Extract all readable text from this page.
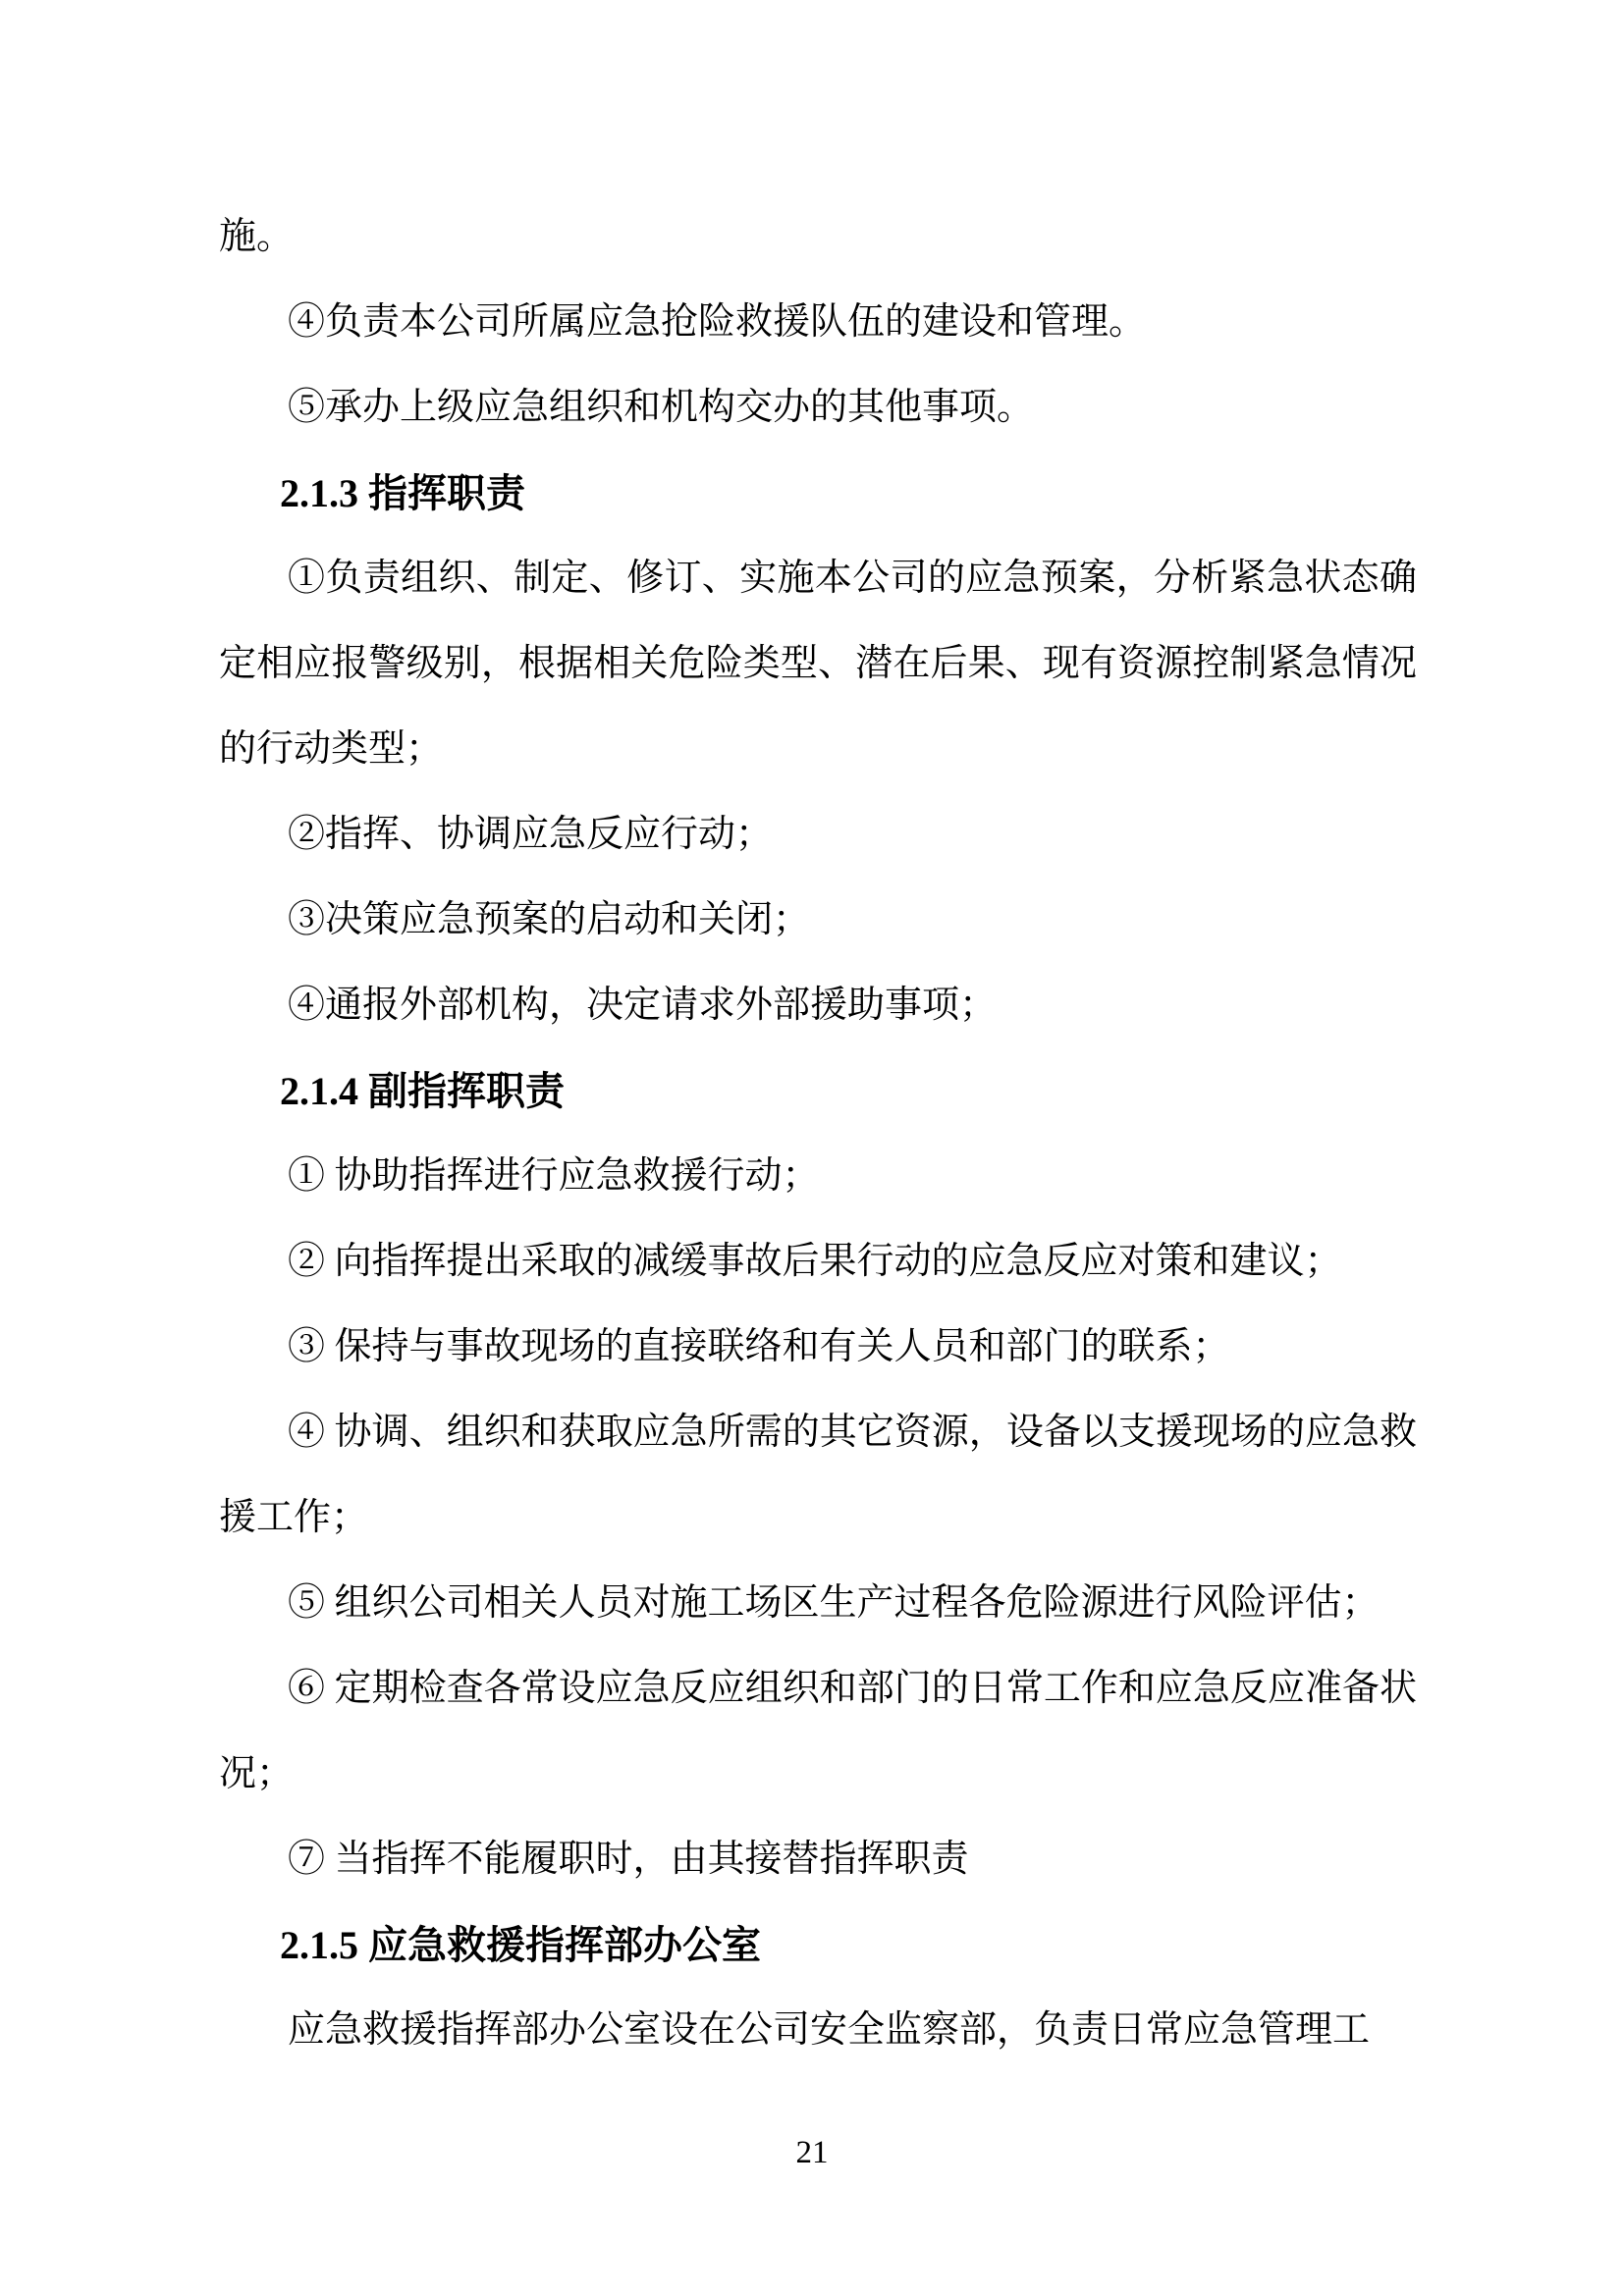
施。

④负责本公司所属应急抢险救援队伍的建设和管理。

⑤承办上级应急组织和机构交办的其他事项。

2.1.3 指挥职责

①负责组织、制定、修订、实施本公司的应急预案，分析紧急状态确定相应报警级别，根据相关危险类型、潜在后果、现有资源控制紧急情况的行动类型；

②指挥、协调应急反应行动；

③决策应急预案的启动和关闭；

④通报外部机构，决定请求外部援助事项；

2.1.4 副指挥职责

① 协助指挥进行应急救援行动；

② 向指挥提出采取的减缓事故后果行动的应急反应对策和建议；

③ 保持与事故现场的直接联络和有关人员和部门的联系；

④ 协调、组织和获取应急所需的其它资源，设备以支援现场的应急救援工作；

⑤ 组织公司相关人员对施工场区生产过程各危险源进行风险评估；

⑥ 定期检查各常设应急反应组织和部门的日常工作和应急反应准备状况；

⑦ 当指挥不能履职时，由其接替指挥职责

2.1.5 应急救援指挥部办公室

应急救援指挥部办公室设在公司安全监察部，负责日常应急管理工

21
